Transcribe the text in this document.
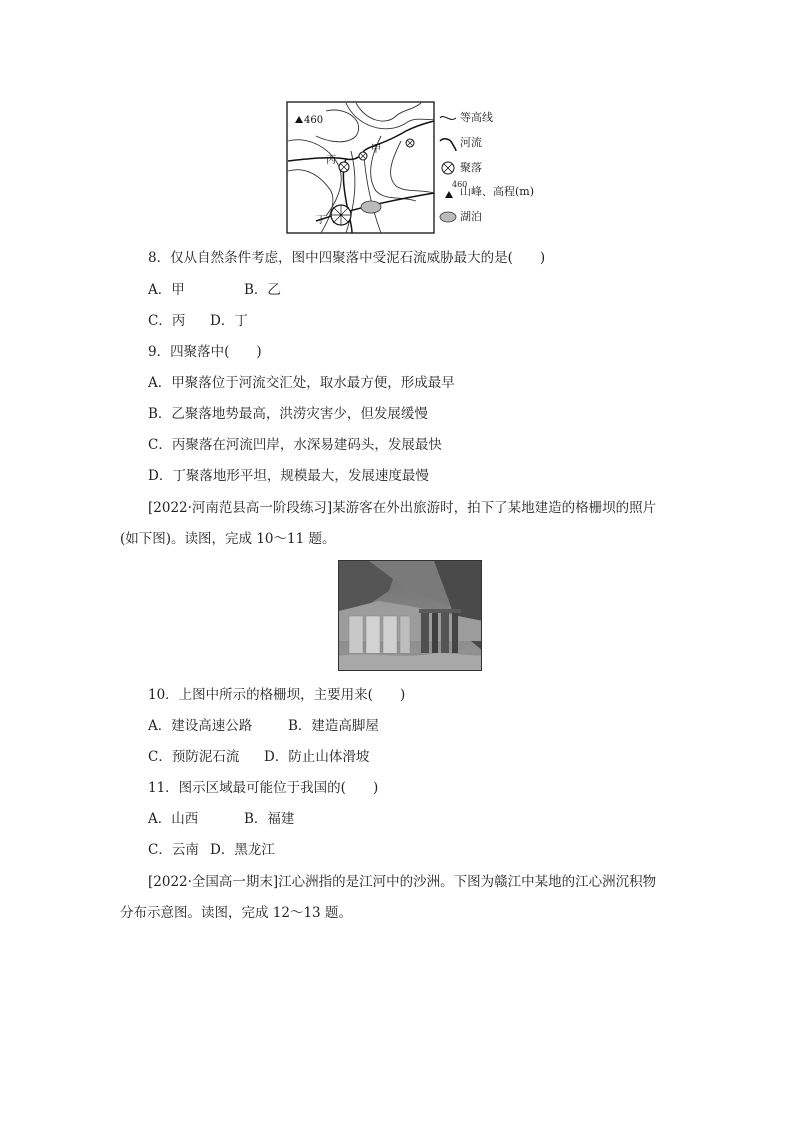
460
甲
丙
丁
等高线
河流
聚落
460
山峰、高程(m)
湖泊
8．仅从自然条件考虑，图中四聚落中受泥石流威胁最大的是(　　)
A．甲	B．乙
C．丙 D．丁
9．四聚落中(　　)
A．甲聚落位于河流交汇处，取水最方便，形成最早
B．乙聚落地势最高，洪涝灾害少，但发展缓慢
C．丙聚落在河流凹岸，水深易建码头，发展最快
D．丁聚落地形平坦，规模最大，发展速度最慢
[2022·河南范县高一阶段练习]某游客在外出旅游时，拍下了某地建造的格栅坝的照片
(如下图)。读图，完成 10～11 题。
10．上图中所示的格栅坝，主要用来(　　)
A．建设高速公路	B．建造高脚屋
C．预防泥石流 D．防止山体滑坡
11．图示区域最可能位于我国的(　　)
A．山西	B．福建
C．云南 D．黑龙江
[2022·全国高一期末]江心洲指的是江河中的沙洲。下图为赣江中某地的江心洲沉积物
分布示意图。读图，完成 12～13 题。
